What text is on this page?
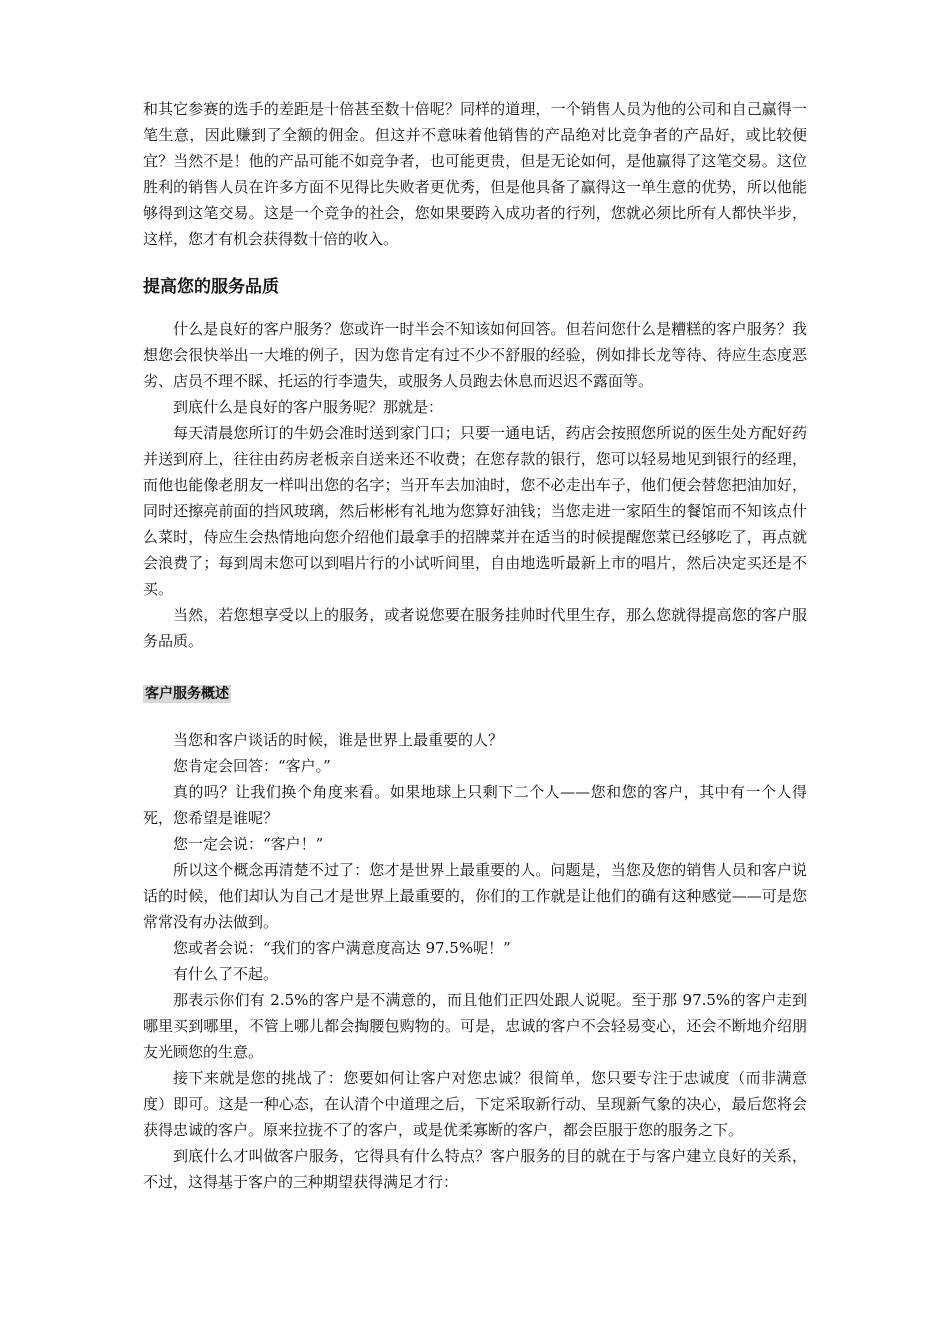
和其它参赛的选手的差距是十倍甚至数十倍呢？同样的道理，一个销售人员为他的公司和自己赢得一笔生意，因此赚到了全额的佣金。但这并不意味着他销售的产品绝对比竞争者的产品好，或比较便宜？当然不是！他的产品可能不如竞争者，也可能更贵，但是无论如何，是他赢得了这笔交易。这位胜利的销售人员在许多方面不见得比失败者更优秀，但是他具备了赢得这一单生意的优势，所以他能够得到这笔交易。这是一个竞争的社会，您如果要跨入成功者的行列，您就必须比所有人都快半步，这样，您才有机会获得数十倍的收入。

提高您的服务品质

什么是良好的客户服务？您或许一时半会不知该如何回答。但若问您什么是糟糕的客户服务？我想您会很快举出一大堆的例子，因为您肯定有过不少不舒服的经验，例如排长龙等待、待应生态度恶劣、店员不理不睬、托运的行李遗失，或服务人员跑去休息而迟迟不露面等。

到底什么是良好的客户服务呢？那就是：

每天清晨您所订的牛奶会准时送到家门口；只要一通电话，药店会按照您所说的医生处方配好药并送到府上，往往由药房老板亲自送来还不收费；在您存款的银行，您可以轻易地见到银行的经理，而他也能像老朋友一样叫出您的名字；当开车去加油时，您不必走出车子，他们便会替您把油加好，同时还擦亮前面的挡风玻璃，然后彬彬有礼地为您算好油钱；当您走进一家陌生的餐馆而不知该点什么菜时，侍应生会热情地向您介绍他们最拿手的招牌菜并在适当的时候提醒您菜已经够吃了，再点就会浪费了；每到周末您可以到唱片行的小试听间里，自由地选听最新上市的唱片，然后决定买还是不买。

当然，若您想享受以上的服务，或者说您要在服务挂帅时代里生存，那么您就得提高您的客户服务品质。

客户服务概述

当您和客户谈话的时候，谁是世界上最重要的人？

您肯定会回答：“客户。”

真的吗？让我们换个角度来看。如果地球上只剩下二个人——您和您的客户，其中有一个人得死，您希望是谁呢？

您一定会说：“客户！”

所以这个概念再清楚不过了：您才是世界上最重要的人。问题是，当您及您的销售人员和客户说话的时候，他们却认为自己才是世界上最重要的，你们的工作就是让他们的确有这种感觉——可是您常常没有办法做到。

您或者会说：“我们的客户满意度高达 97.5%呢！”

有什么了不起。

那表示你们有 2.5%的客户是不满意的，而且他们正四处跟人说呢。至于那 97.5%的客户走到哪里买到哪里，不管上哪儿都会掏腰包购物的。可是，忠诚的客户不会轻易变心，还会不断地介绍朋友光顾您的生意。

接下来就是您的挑战了：您要如何让客户对您忠诚？很简单，您只要专注于忠诚度（而非满意度）即可。这是一种心态，在认清个中道理之后，下定采取新行动、呈现新气象的决心，最后您将会获得忠诚的客户。原来拉拢不了的客户，或是优柔寡断的客户，都会臣服于您的服务之下。

到底什么才叫做客户服务，它得具有什么特点？客户服务的目的就在于与客户建立良好的关系，不过，这得基于客户的三种期望获得满足才行：
